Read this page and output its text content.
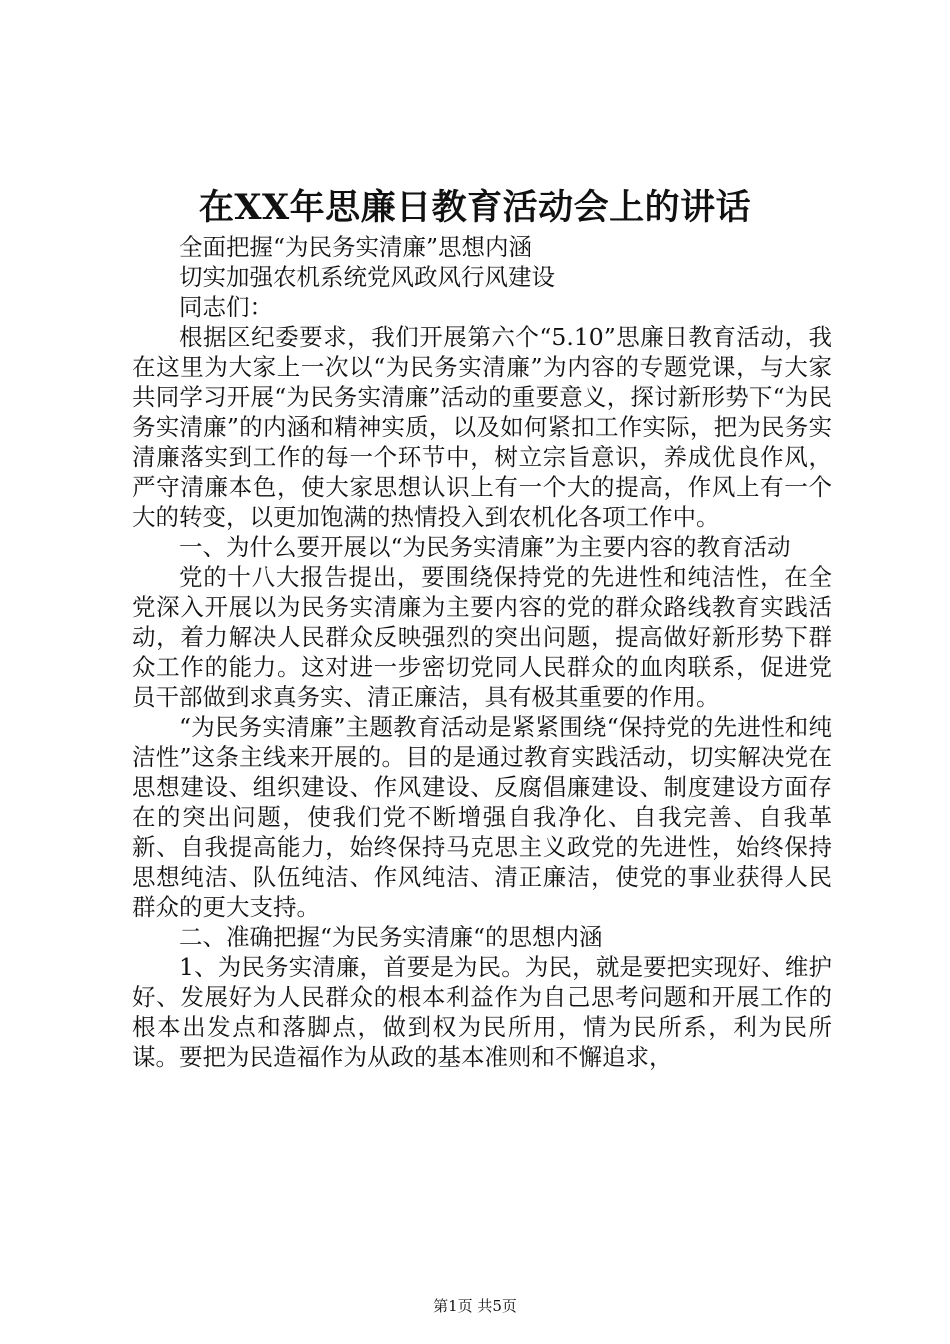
在XX年思廉日教育活动会上的讲话

全面把握“为民务实清廉”思想内涵

切实加强农机系统党风政风行风建设

同志们：

根据区纪委要求，我们开展第六个“5.10”思廉日教育活动，我在这里为大家上一次以“为民务实清廉”为内容的专题党课，与大家共同学习开展“为民务实清廉”活动的重要意义，探讨新形势下“为民务实清廉”的内涵和精神实质，以及如何紧扣工作实际，把为民务实清廉落实到工作的每一个环节中，树立宗旨意识，养成优良作风，严守清廉本色，使大家思想认识上有一个大的提高，作风上有一个大的转变，以更加饱满的热情投入到农机化各项工作中。

一、为什么要开展以“为民务实清廉”为主要内容的教育活动

党的十八大报告提出，要围绕保持党的先进性和纯洁性，在全党深入开展以为民务实清廉为主要内容的党的群众路线教育实践活动，着力解决人民群众反映强烈的突出问题，提高做好新形势下群众工作的能力。这对进一步密切党同人民群众的血肉联系，促进党员干部做到求真务实、清正廉洁，具有极其重要的作用。

“为民务实清廉”主题教育活动是紧紧围绕“保持党的先进性和纯洁性”这条主线来开展的。目的是通过教育实践活动，切实解决党在思想建设、组织建设、作风建设、反腐倡廉建设、制度建设方面存在的突出问题，使我们党不断增强自我净化、自我完善、自我革新、自我提高能力，始终保持马克思主义政党的先进性，始终保持思想纯洁、队伍纯洁、作风纯洁、清正廉洁，使党的事业获得人民群众的更大支持。

二、准确把握“为民务实清廉“的思想内涵

1、为民务实清廉，首要是为民。为民，就是要把实现好、维护好、发展好为人民群众的根本利益作为自己思考问题和开展工作的根本出发点和落脚点，做到权为民所用，情为民所系，利为民所谋。要把为民造福作为从政的基本准则和不懈追求，

第1页 共5页
